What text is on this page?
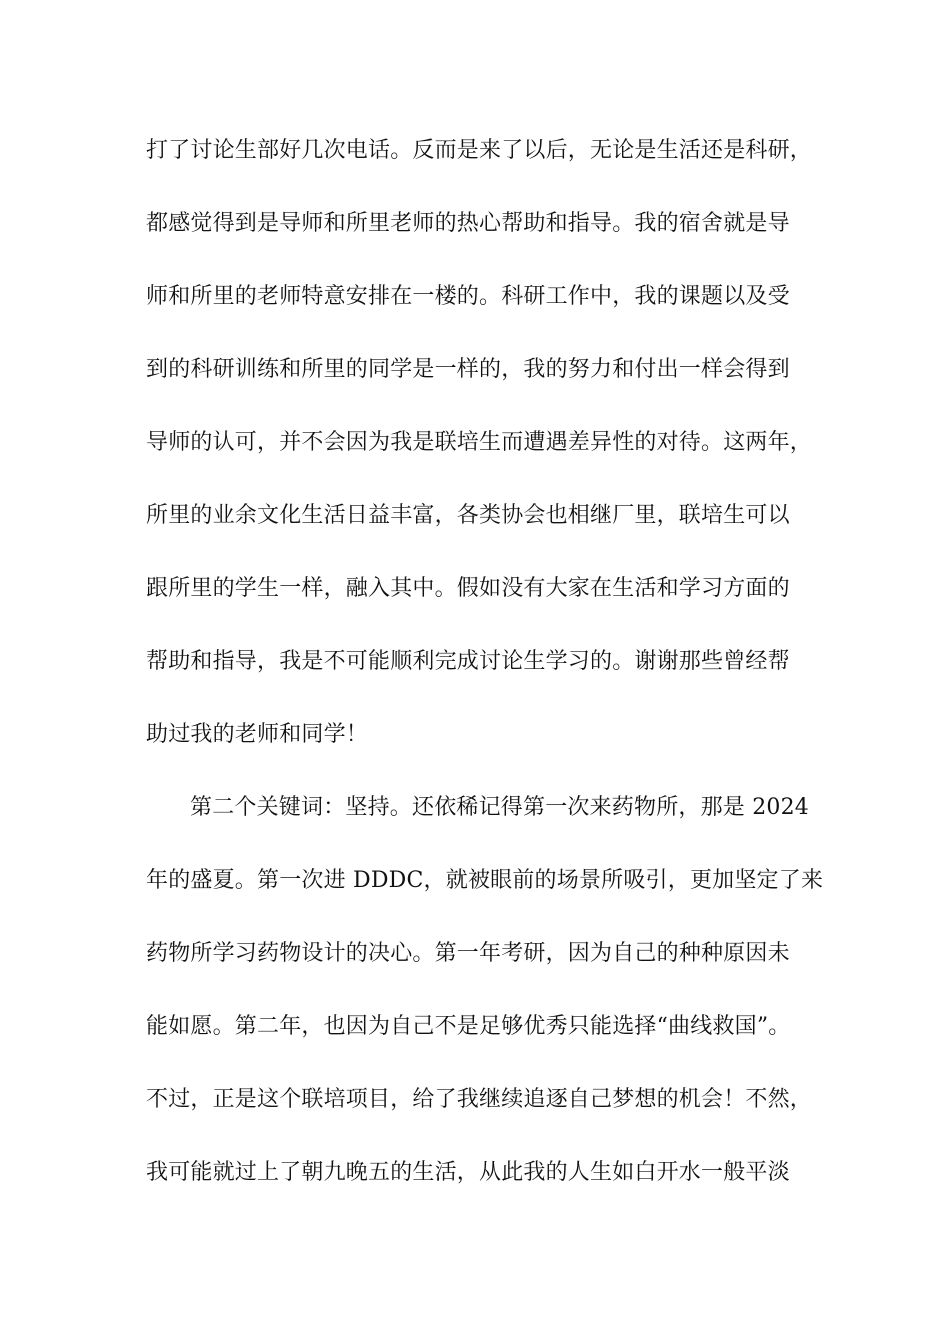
打了讨论生部好几次电话。反而是来了以后，无论是生活还是科研，
都感觉得到是导师和所里老师的热心帮助和指导。我的宿舍就是导
师和所里的老师特意安排在一楼的。科研工作中，我的课题以及受
到的科研训练和所里的同学是一样的，我的努力和付出一样会得到
导师的认可，并不会因为我是联培生而遭遇差异性的对待。这两年，
所里的业余文化生活日益丰富，各类协会也相继厂里，联培生可以
跟所里的学生一样，融入其中。假如没有大家在生活和学习方面的
帮助和指导，我是不可能顺利完成讨论生学习的。谢谢那些曾经帮
助过我的老师和同学！
第二个关键词：坚持。还依稀记得第一次来药物所，那是 2024
年的盛夏。第一次进 DDDC，就被眼前的场景所吸引，更加坚定了来
药物所学习药物设计的决心。第一年考研，因为自己的种种原因未
能如愿。第二年，也因为自己不是足够优秀只能选择“曲线救国”。
不过，正是这个联培项目，给了我继续追逐自己梦想的机会！不然，
我可能就过上了朝九晚五的生活，从此我的人生如白开水一般平淡
